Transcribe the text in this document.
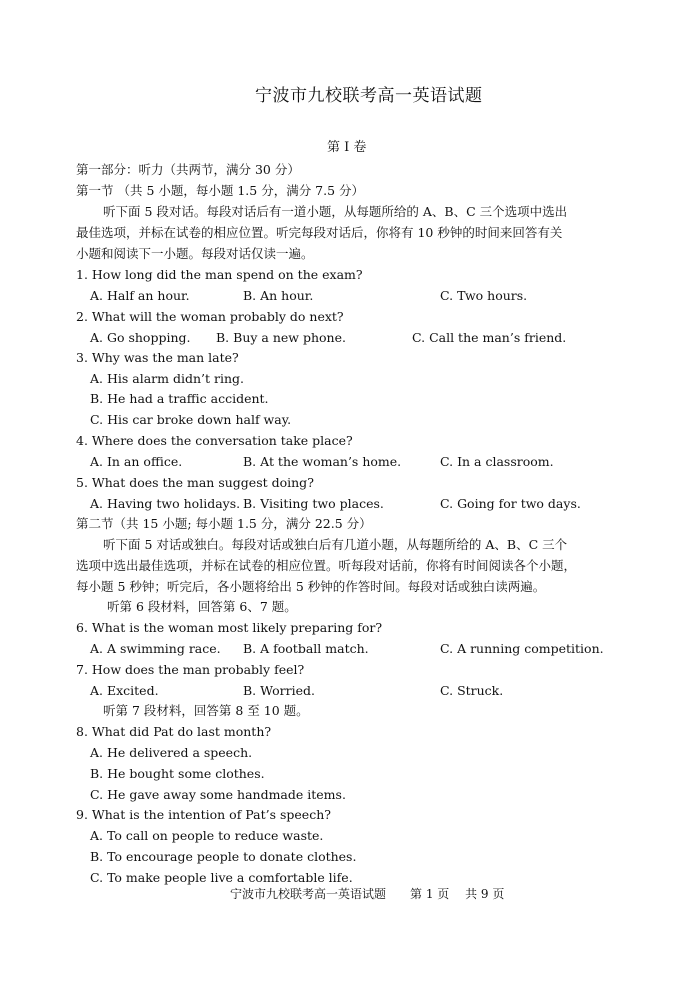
宁波市九校联考高一英语试题
第 I 卷
第一部分：听力（共两节，满分 30 分）
第一节 （共 5 小题，每小题 1.5 分，满分 7.5 分）
听下面 5 段对话。每段对话后有一道小题，从每题所给的 A、B、C 三个选项中选出
最佳选项，并标在试卷的相应位置。听完每段对话后，你将有 10 秒钟的时间来回答有关
小题和阅读下一小题。每段对话仅读一遍。
1. How long did the man spend on the exam?
A. Half an hour.	B. An hour.	C. Two hours.
2. What will the woman probably do next?
A. Go shopping. B. Buy a new phone.	C. Call the man’s friend.
3. Why was the man late?
A. His alarm didn’t ring.
B. He had a traffic accident.
C. His car broke down half way.
4. Where does the conversation take place?
A. In an office.	B. At the woman’s home.	C. In a classroom.
5. What does the man suggest doing?
A. Having two holidays. B. Visiting two places.	C. Going for two days.
第二节（共 15 小题; 每小题 1.5 分，满分 22.5 分）
听下面 5 对话或独白。每段对话或独白后有几道小题，从每题所给的 A、B、C 三个
选项中选出最佳选项，并标在试卷的相应位置。听每段对话前，你将有时间阅读各个小题，
每小题 5 秒钟；听完后，各小题将给出 5 秒钟的作答时间。每段对话或独白读两遍。
听第 6 段材料，回答第 6、7 题。
6. What is the woman most likely preparing for?
A. A swimming race. B. A football match.	C. A running competition.
7. How does the man probably feel?
A. Excited.	B. Worried.	C. Struck.
听第 7 段材料，回答第 8 至 10 题。
8. What did Pat do last month?
A. He delivered a speech.
B. He bought some clothes.
C. He gave away some handmade items.
9. What is the intention of Pat’s speech?
A. To call on people to reduce waste.
B. To encourage people to donate clothes.
C. To make people live a comfortable life.
宁波市九校联考高一英语试题　　第 1 页　 共 9 页
